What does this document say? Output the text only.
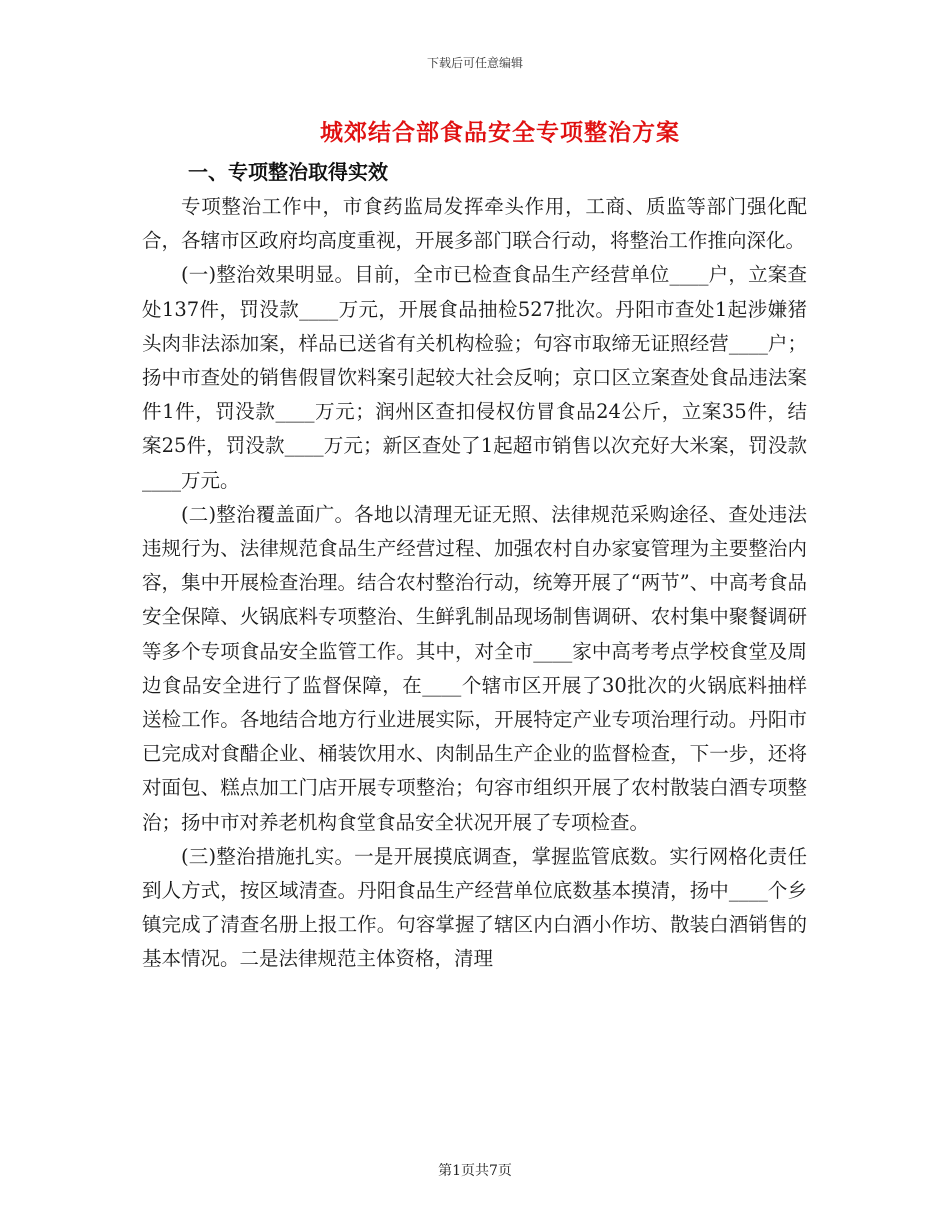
下载后可任意编辑
城郊结合部食品安全专项整治方案
一、专项整治取得实效

专项整治工作中，市食药监局发挥牵头作用，工商、质监等部门强化配合，各辖市区政府均高度重视，开展多部门联合行动，将整治工作推向深化。

(一)整治效果明显。目前，全市已检查食品生产经营单位____户，立案查处137件，罚没款____万元，开展食品抽检527批次。丹阳市查处1起涉嫌猪头肉非法添加案，样品已送省有关机构检验；句容市取缔无证照经营____户；扬中市查处的销售假冒饮料案引起较大社会反响；京口区立案查处食品违法案件1件，罚没款____万元；润州区查扣侵权仿冒食品24公斤，立案35件，结案25件，罚没款____万元；新区查处了1起超市销售以次充好大米案，罚没款____万元。

(二)整治覆盖面广。各地以清理无证无照、法律规范采购途径、查处违法违规行为、法律规范食品生产经营过程、加强农村自办家宴管理为主要整治内容，集中开展检查治理。结合农村整治行动，统筹开展了“两节”、中高考食品安全保障、火锅底料专项整治、生鲜乳制品现场制售调研、农村集中聚餐调研等多个专项食品安全监管工作。其中，对全市____家中高考考点学校食堂及周边食品安全进行了监督保障，在____个辖市区开展了30批次的火锅底料抽样送检工作。各地结合地方行业进展实际，开展特定产业专项治理行动。丹阳市已完成对食醋企业、桶装饮用水、肉制品生产企业的监督检查，下一步，还将对面包、糕点加工门店开展专项整治；句容市组织开展了农村散装白酒专项整治；扬中市对养老机构食堂食品安全状况开展了专项检查。

(三)整治措施扎实。一是开展摸底调查，掌握监管底数。实行网格化责任到人方式，按区域清查。丹阳食品生产经营单位底数基本摸清，扬中____个乡镇完成了清查名册上报工作。句容掌握了辖区内白酒小作坊、散装白酒销售的基本情况。二是法律规范主体资格，清理

第1页共7页
